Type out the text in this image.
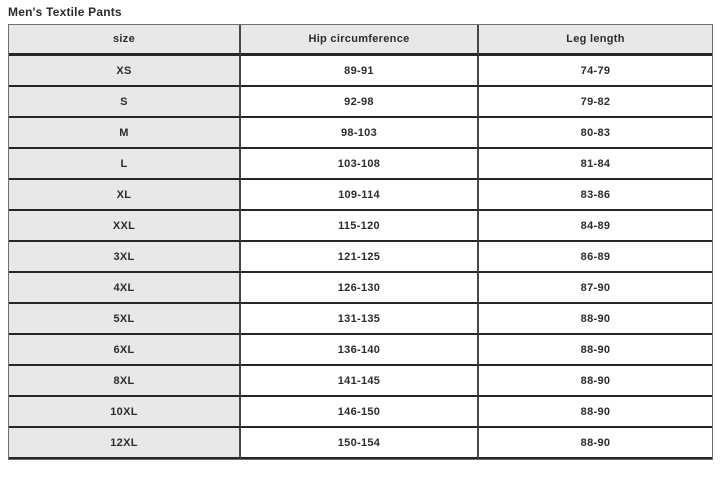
Men's Textile Pants
size	Hip circumference	Leg length
XS	89-91	74-79
S	92-98	79-82
M	98-103	80-83
L	103-108	81-84
XL	109-114	83-86
XXL	115-120	84-89
3XL	121-125	86-89
4XL	126-130	87-90
5XL	131-135	88-90
6XL	136-140	88-90
8XL	141-145	88-90
10XL	146-150	88-90
12XL	150-154	88-90
